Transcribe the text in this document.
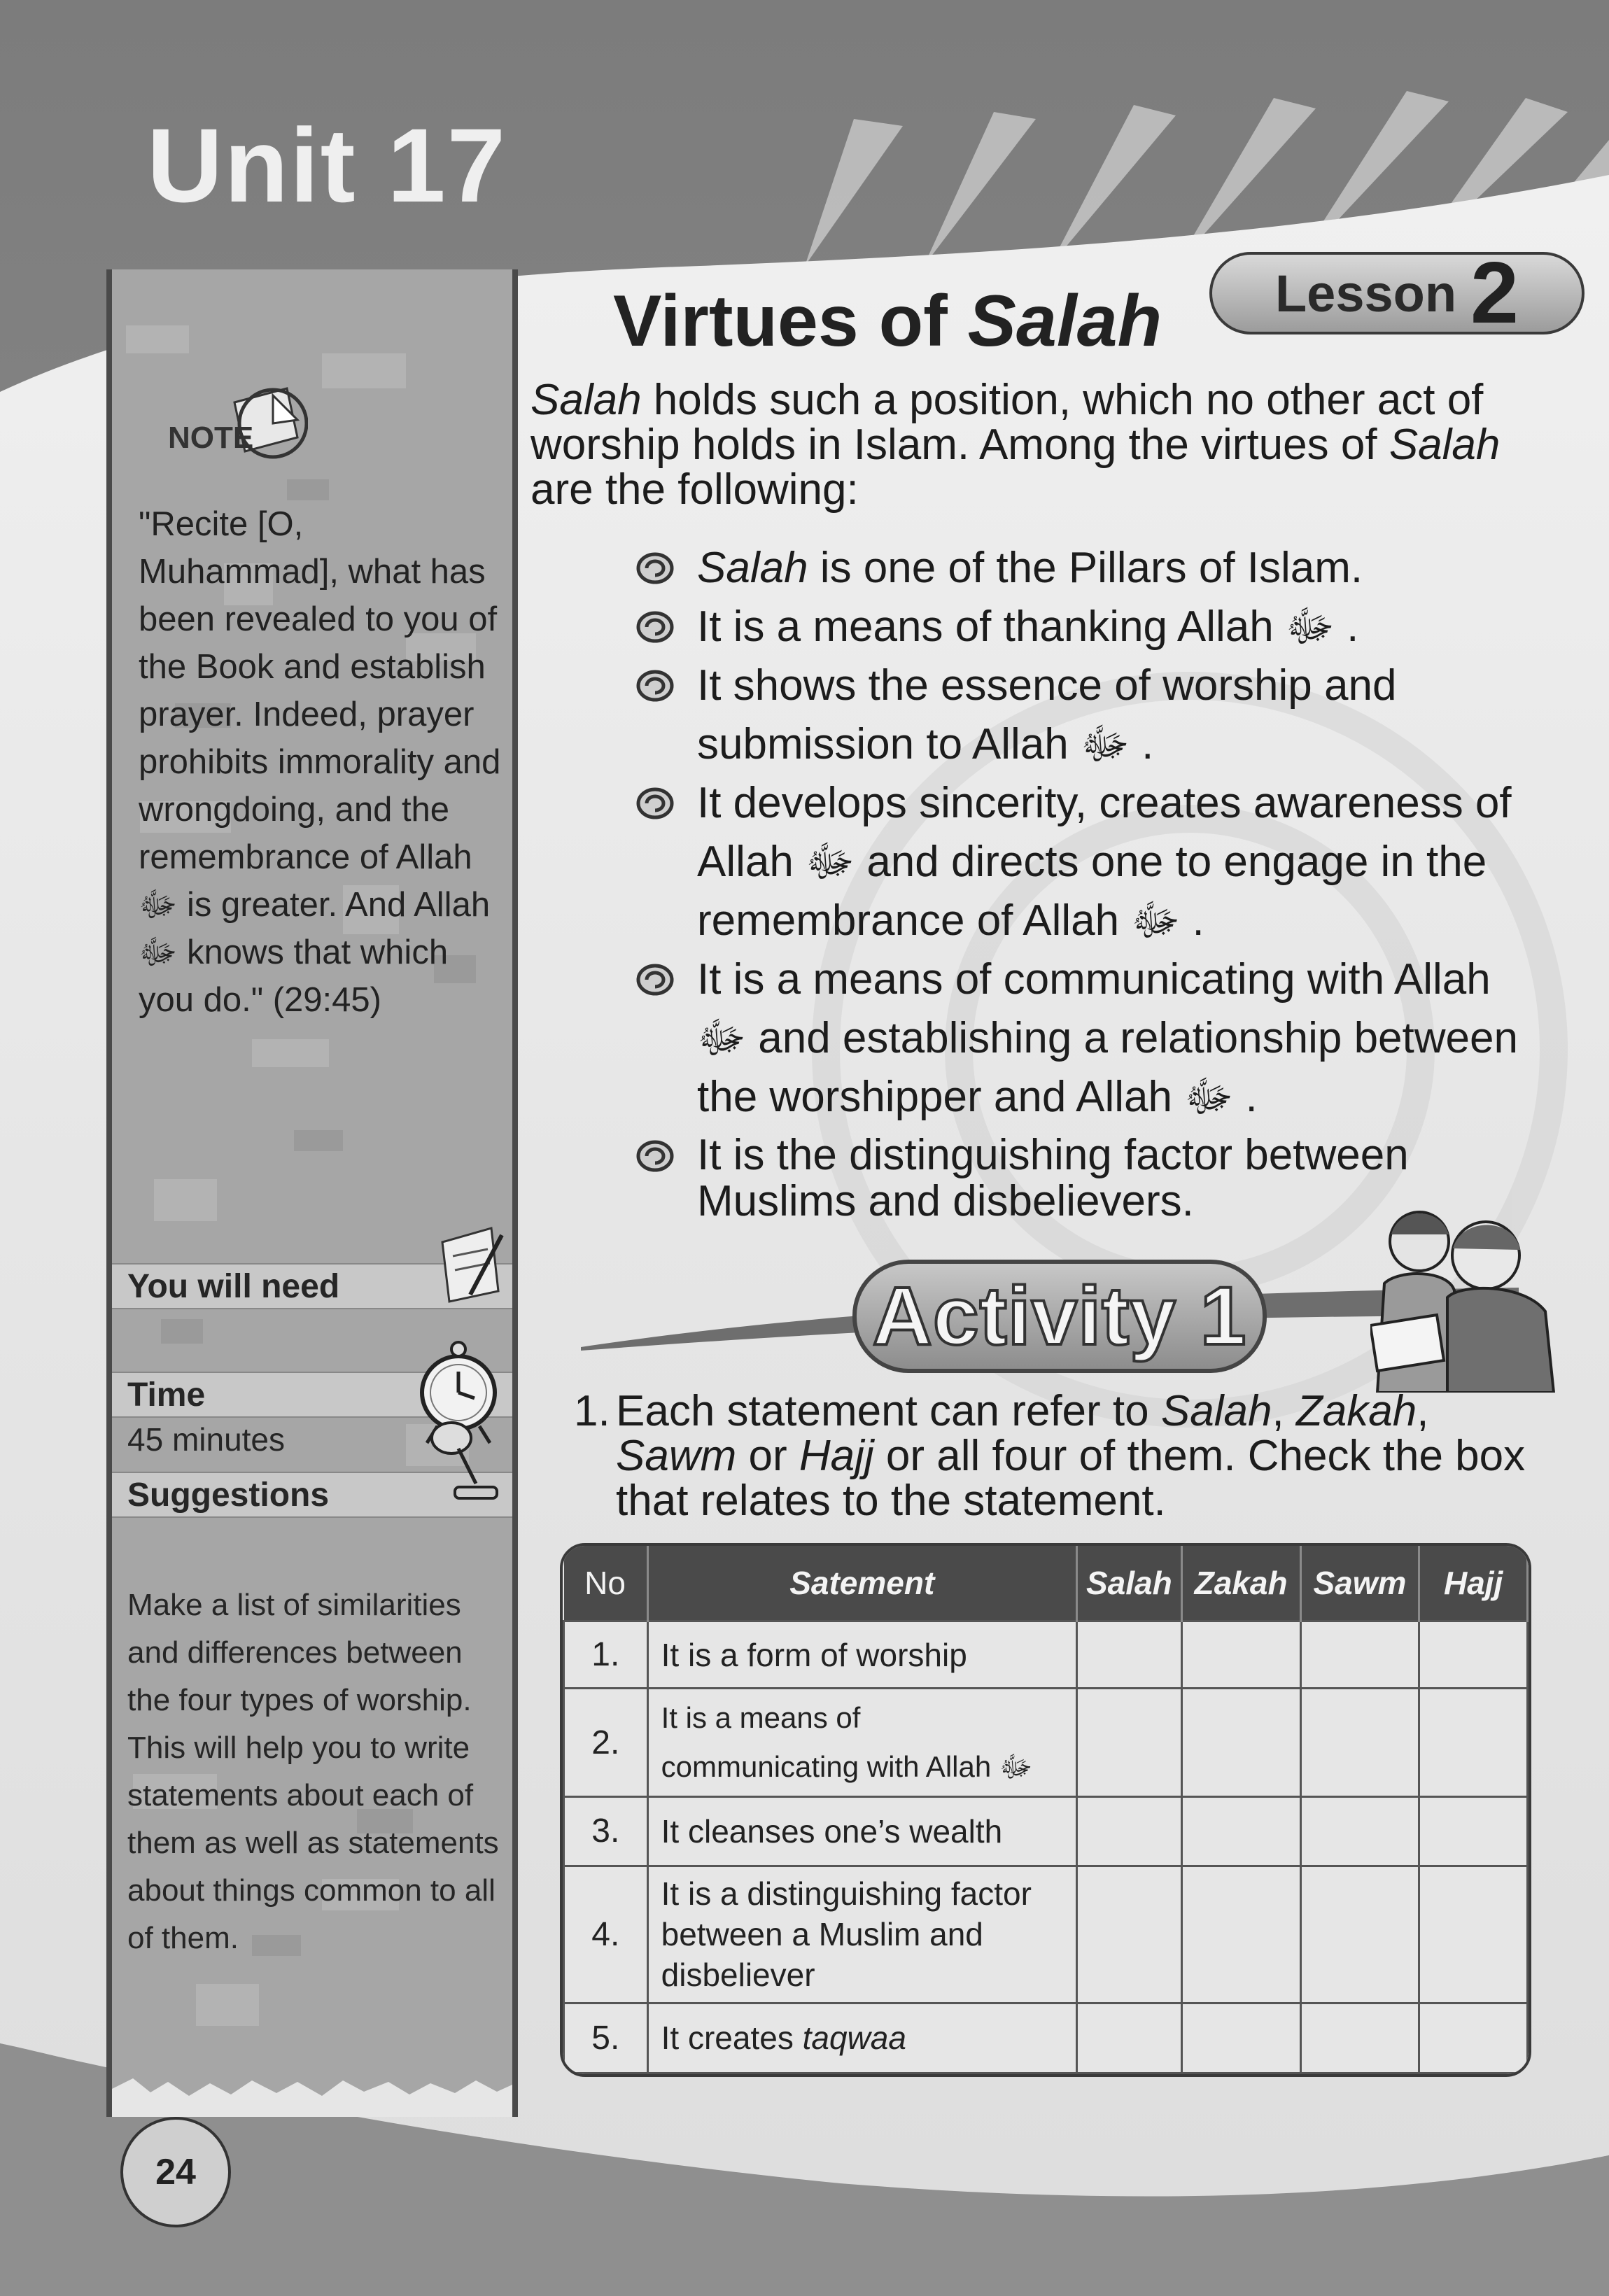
Unit 17
Virtues of Salah Lesson 2
NOTE
"Recite [O, Muhammad], what has been revealed to you of the Book and establish prayer. Indeed, prayer prohibits immorality and wrongdoing, and the remembrance of Allah ﷻ is greater. And Allah ﷻ knows that which you do." (29:45)
You will need
Time
45 minutes
Suggestions
Make a list of similarities and differences between the four types of worship. This will help you to write statements about each of them as well as statements about things common to all of them.
Salah holds such a position, which no other act of worship holds in Islam. Among the virtues of Salah are the following:

Salah is one of the Pillars of Islam.

It is a means of thanking Allah ﷻ .

It shows the essence of worship and submission to Allah ﷻ .

It develops sincerity, creates awareness of Allah ﷻ and directs one to engage in the remembrance of Allah ﷻ .

It is a means of communicating with Allah ﷻ and establishing a relationship between the worshipper and Allah ﷻ .

It is the distinguishing factor between Muslims and disbelievers.

Activity 1
1. Each statement can refer to Salah, Zakah, Sawm or Hajj or all four of them. Check the box that relates to the statement.
No	Satement	Salah	Zakah	Sawm	Hajj
1.	It is a form of worship				
2.	It is a means of communicating with Allah ﷻ				
3.	It cleanses one’s wealth				
4.	It is a distinguishing factor between a Muslim and disbeliever				
5.	It creates taqwaa				
24
